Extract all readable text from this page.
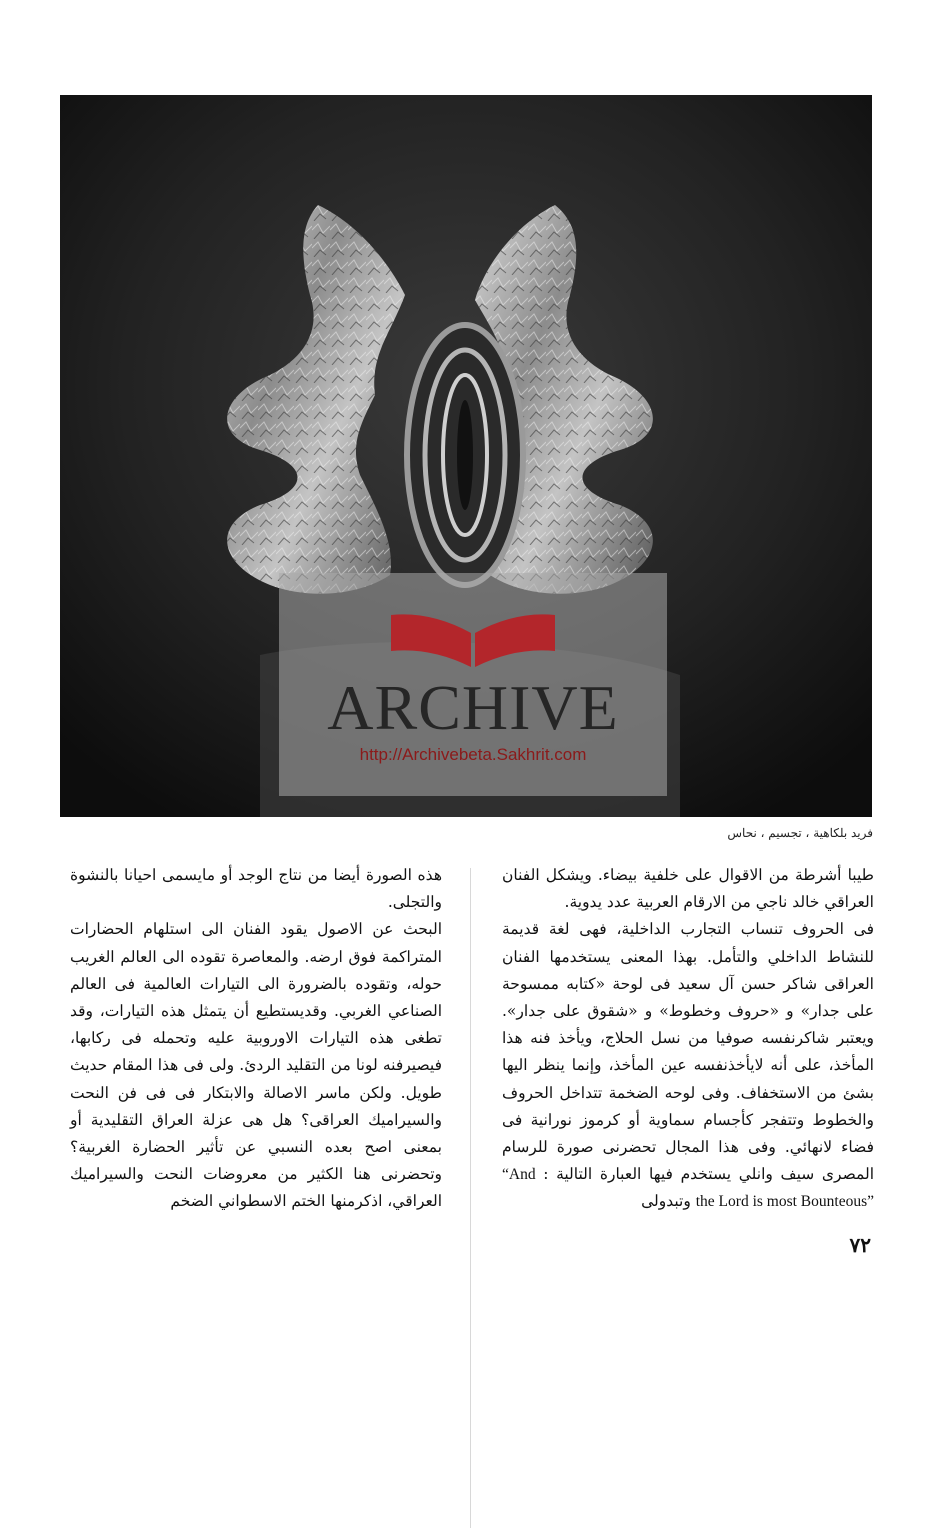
ARCHIVE
http://Archivebeta.Sakhrit.com
فريد بلكاهية ، تجسيم ، نحاس

طيبا أشرطة من الاقوال على خلفية بيضاء. ويشكل الفنان العراقي خالد ناجي من الارقام العربية عدد يدوية.

فى الحروف تنساب التجارب الداخلية، فهى لغة قديمة للنشاط الداخلي والتأمل. بهذا المعنى يستخدمها الفنان العراقى شاكر حسن آل سعيد فى لوحة «كتابه ممسوحة على جدار» و «حروف وخطوط» و «شقوق على جدار». ويعتبر شاكرنفسه صوفيا من نسل الحلاج، ويأخذ فنه هذا المأخذ، على أنه لايأخذنفسه عين المأخذ، وإنما ينظر اليها بشئ من الاستخفاف. وفى لوحه الضخمة تتداخل الحروف والخطوط وتتفجر كأجسام سماوية أو كرموز نورانية فى فضاء لانهائي. وفى هذا المجال تحضرنى صورة للرسام المصرى سيف وانلي يستخدم فيها العبارة التالية : “And the Lord is most Bounteous” وتبدولى

هذه الصورة أيضا من نتاج الوجد أو مايسمى احيانا بالنشوة والتجلى.

البحث عن الاصول يقود الفنان الى استلهام الحضارات المتراكمة فوق ارضه. والمعاصرة تقوده الى العالم الغريب حوله، وتقوده بالضرورة الى التيارات العالمية فى العالم الصناعي الغربي. وقديستطيع أن يتمثل هذه التيارات، وقد تطغى هذه التيارات الاوروبية عليه وتحمله فى ركابها، فيصيرفنه لونا من التقليد الردئ. ولى فى هذا المقام حديث طويل. ولكن ماسر الاصالة والابتكار فى فى فن النحت والسيراميك العراقى؟ هل هى عزلة العراق التقليدية أو بمعنى اصح بعده النسبي عن تأثير الحضارة الغربية؟ وتحضرنى هنا الكثير من معروضات النحت والسيراميك العراقي، اذكرمنها الختم الاسطواني الضخم

٧٢
